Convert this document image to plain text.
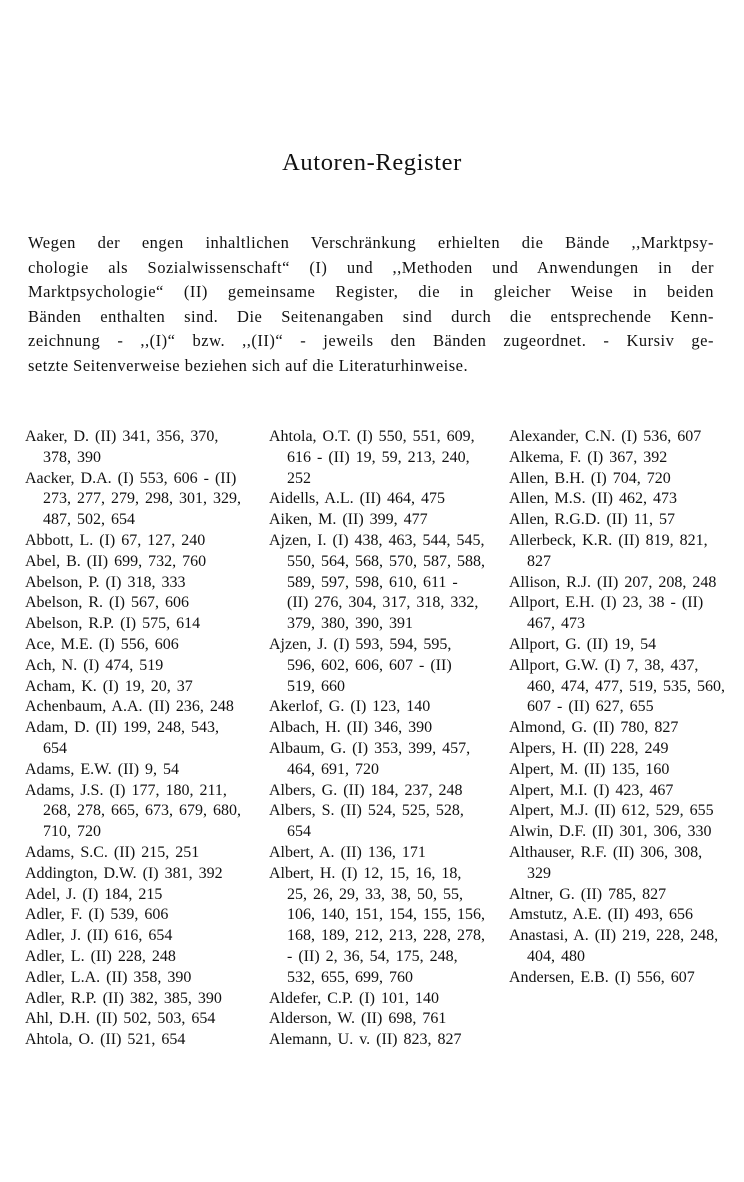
Autoren-Register
Wegen der engen inhaltlichen Verschränkung erhielten die Bände ,,Marktpsy-
chologie als Sozialwissenschaft“ (I) und ,,Methoden und Anwendungen in der
Marktpsychologie“ (II) gemeinsame Register, die in gleicher Weise in beiden
Bänden enthalten sind. Die Seitenangaben sind durch die entsprechende Kenn-
zeichnung - ,,(I)“ bzw. ,,(II)“ - jeweils den Bänden zugeordnet. - Kursiv ge-
setzte Seitenverweise beziehen sich auf die Literaturhinweise.
Aaker, D. (II) 341, 356, 370, 378, 390
Aacker, D.A. (I) 553, 606 - (II) 273, 277, 279, 298, 301, 329, 487, 502, 654
Abbott, L. (I) 67, 127, 240
Abel, B. (II) 699, 732, 760
Abelson, P. (I) 318, 333
Abelson, R. (I) 567, 606
Abelson, R.P. (I) 575, 614
Ace, M.E. (I) 556, 606
Ach, N. (I) 474, 519
Acham, K. (I) 19, 20, 37
Achenbaum, A.A. (II) 236, 248
Adam, D. (II) 199, 248, 543, 654
Adams, E.W. (II) 9, 54
Adams, J.S. (I) 177, 180, 211, 268, 278, 665, 673, 679, 680, 710, 720
Adams, S.C. (II) 215, 251
Addington, D.W. (I) 381, 392
Adel, J. (I) 184, 215
Adler, F. (I) 539, 606
Adler, J. (II) 616, 654
Adler, L. (II) 228, 248
Adler, L.A. (II) 358, 390
Adler, R.P. (II) 382, 385, 390
Ahl, D.H. (II) 502, 503, 654
Ahtola, O. (II) 521, 654
Ahtola, O.T. (I) 550, 551, 609, 616 - (II) 19, 59, 213, 240, 252
Aidells, A.L. (II) 464, 475
Aiken, M. (II) 399, 477
Ajzen, I. (I) 438, 463, 544, 545, 550, 564, 568, 570, 587, 588, 589, 597, 598, 610, 611 - (II) 276, 304, 317, 318, 332, 379, 380, 390, 391
Ajzen, J. (I) 593, 594, 595, 596, 602, 606, 607 - (II) 519, 660
Akerlof, G. (I) 123, 140
Albach, H. (II) 346, 390
Albaum, G. (I) 353, 399, 457, 464, 691, 720
Albers, G. (II) 184, 237, 248
Albers, S. (II) 524, 525, 528, 654
Albert, A. (II) 136, 171
Albert, H. (I) 12, 15, 16, 18, 25, 26, 29, 33, 38, 50, 55, 106, 140, 151, 154, 155, 156, 168, 189, 212, 213, 228, 278, - (II) 2, 36, 54, 175, 248, 532, 655, 699, 760
Aldefer, C.P. (I) 101, 140
Alderson, W. (II) 698, 761
Alemann, U. v. (II) 823, 827
Alexander, C.N. (I) 536, 607
Alkema, F. (I) 367, 392
Allen, B.H. (I) 704, 720
Allen, M.S. (II) 462, 473
Allen, R.G.D. (II) 11, 57
Allerbeck, K.R. (II) 819, 821, 827
Allison, R.J. (II) 207, 208, 248
Allport, E.H. (I) 23, 38 - (II) 467, 473
Allport, G. (II) 19, 54
Allport, G.W. (I) 7, 38, 437, 460, 474, 477, 519, 535, 560, 607 - (II) 627, 655
Almond, G. (II) 780, 827
Alpers, H. (II) 228, 249
Alpert, M. (II) 135, 160
Alpert, M.I. (I) 423, 467
Alpert, M.J. (II) 612, 529, 655
Alwin, D.F. (II) 301, 306, 330
Althauser, R.F. (II) 306, 308, 329
Altner, G. (II) 785, 827
Amstutz, A.E. (II) 493, 656
Anastasi, A. (II) 219, 228, 248, 404, 480
Andersen, E.B. (I) 556, 607
